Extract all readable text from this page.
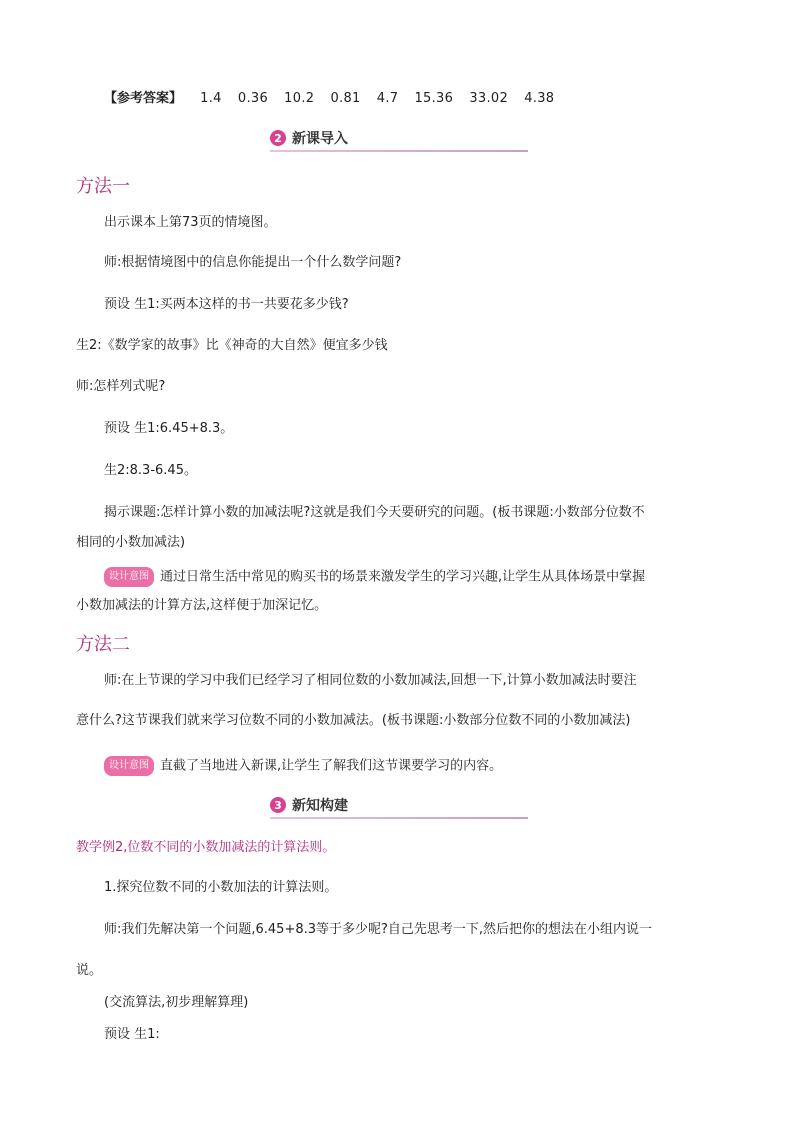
【参考答案】 1.4 0.36 10.2 0.81 4.7 15.36 33.02 4.38
2 新课导入
方法一
出示课本上第73页的情境图。
师:根据情境图中的信息你能提出一个什么数学问题?
预设 生1:买两本这样的书一共要花多少钱?
生2:《数学家的故事》比《神奇的大自然》便宜多少钱
师:怎样列式呢?
预设 生1:6.45+8.3。
生2:8.3-6.45。
揭示课题:怎样计算小数的加减法呢?这就是我们今天要研究的问题。(板书课题:小数部分位数不
相同的小数加减法)
设计意图 通过日常生活中常见的购买书的场景来激发学生的学习兴趣,让学生从具体场景中掌握
小数加减法的计算方法,这样便于加深记忆。
方法二
师:在上节课的学习中我们已经学习了相同位数的小数加减法,回想一下,计算小数加减法时要注
意什么?这节课我们就来学习位数不同的小数加减法。(板书课题:小数部分位数不同的小数加减法)
设计意图 直截了当地进入新课,让学生了解我们这节课要学习的内容。
3 新知构建
教学例2,位数不同的小数加减法的计算法则。
1.探究位数不同的小数加法的计算法则。
师:我们先解决第一个问题,6.45+8.3等于多少呢?自己先思考一下,然后把你的想法在小组内说一
说。
(交流算法,初步理解算理)
预设 生1:
